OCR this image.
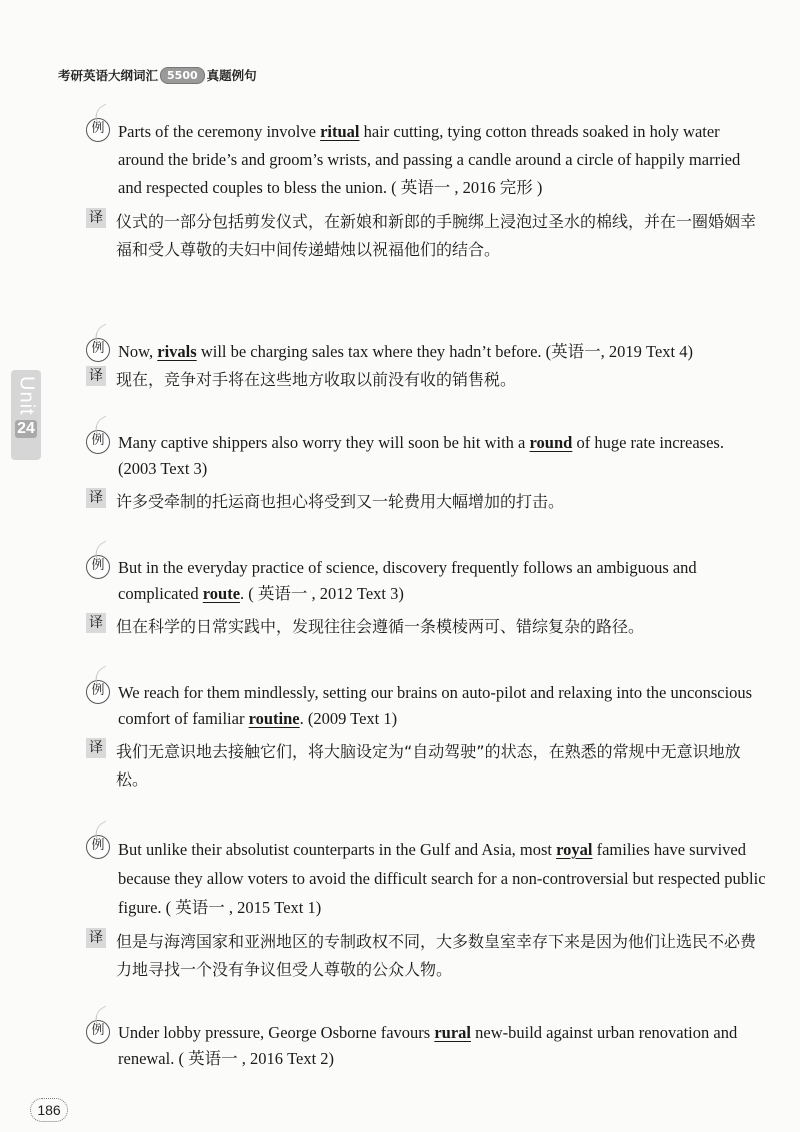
考研英语大纲词汇 5500 真题例句
Unit
24
例 Parts of the ceremony involve ritual hair cutting, tying cotton threads soaked in holy water around the bride’s and groom’s wrists, and passing a candle around a circle of happily married and respected couples to bless the union. ( 英语一 , 2016 完形 )
译 仪式的一部分包括剪发仪式，在新娘和新郎的手腕绑上浸泡过圣水的棉线，并在一圈婚姻幸福和受人尊敬的夫妇中间传递蜡烛以祝福他们的结合。
例 Now, rivals will be charging sales tax where they hadn’t before. (英语一, 2019 Text 4)
译 现在，竞争对手将在这些地方收取以前没有收的销售税。
例 Many captive shippers also worry they will soon be hit with a round of huge rate increases. (2003 Text 3)
译 许多受牵制的托运商也担心将受到又一轮费用大幅增加的打击。
例 But in the everyday practice of science, discovery frequently follows an ambiguous and complicated route. ( 英语一 , 2012 Text 3)
译 但在科学的日常实践中，发现往往会遵循一条模棱两可、错综复杂的路径。
例 We reach for them mindlessly, setting our brains on auto-pilot and relaxing into the unconscious comfort of familiar routine. (2009 Text 1)
译 我们无意识地去接触它们，将大脑设定为“自动驾驶”的状态，在熟悉的常规中无意识地放松。
例 But unlike their absolutist counterparts in the Gulf and Asia, most royal families have survived because they allow voters to avoid the difficult search for a non-controversial but respected public figure. ( 英语一 , 2015 Text 1)
译 但是与海湾国家和亚洲地区的专制政权不同，大多数皇室幸存下来是因为他们让选民不必费力地寻找一个没有争议但受人尊敬的公众人物。
例 Under lobby pressure, George Osborne favours rural new-build against urban renovation and renewal. ( 英语一 , 2016 Text 2)
186
